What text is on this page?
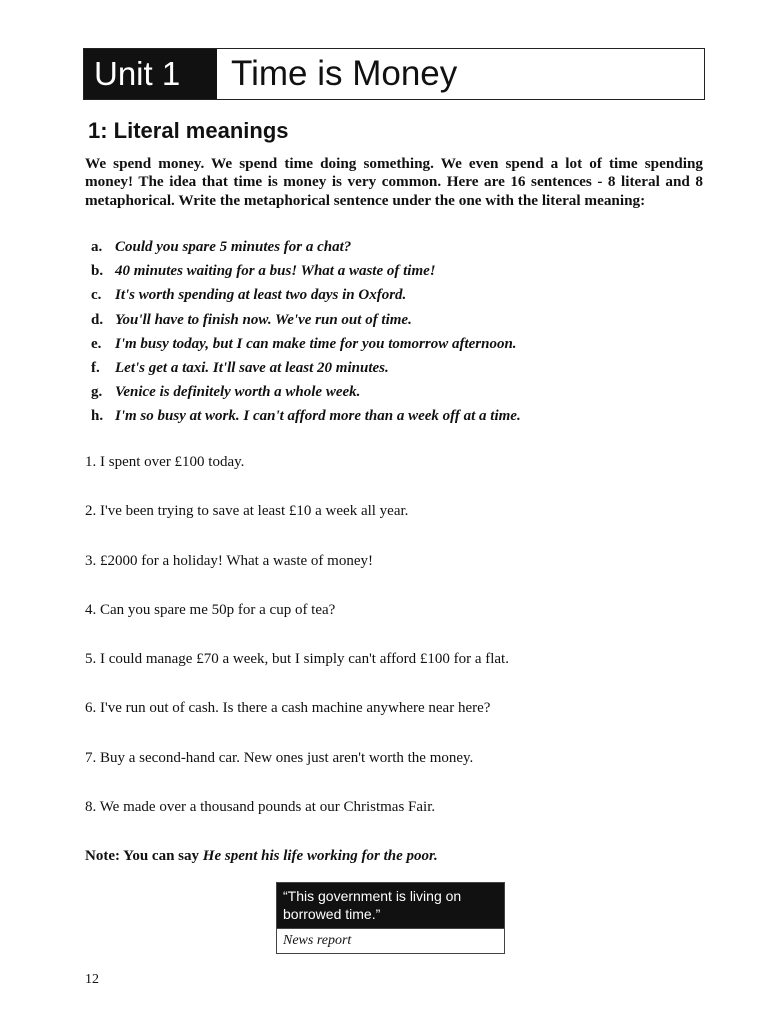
Unit 1	Time is Money
1: Literal meanings

We spend money. We spend time doing something. We even spend a lot of time spending money! The idea that time is money is very common. Here are 16 sentences - 8 literal and 8 metaphorical. Write the metaphorical sentence under the one with the literal meaning:

a. Could you spare 5 minutes for a chat?
b. 40 minutes waiting for a bus! What a waste of time!
c. It's worth spending at least two days in Oxford.
d. You'll have to finish now. We've run out of time.
e. I'm busy today, but I can make time for you tomorrow afternoon.
f. Let's get a taxi. It'll save at least 20 minutes.
g. Venice is definitely worth a whole week.
h. I'm so busy at work. I can't afford more than a week off at a time.
1. I spent over £100 today.
2. I've been trying to save at least £10 a week all year.
3. £2000 for a holiday! What a waste of money!
4. Can you spare me 50p for a cup of tea?
5. I could manage £70 a week, but I simply can't afford £100 for a flat.
6. I've run out of cash. Is there a cash machine anywhere near here?
7. Buy a second-hand car. New ones just aren't worth the money.
8. We made over a thousand pounds at our Christmas Fair.

Note: You can say He spent his life working for the poor.

“This government is living on borrowed time.”
News report
12
